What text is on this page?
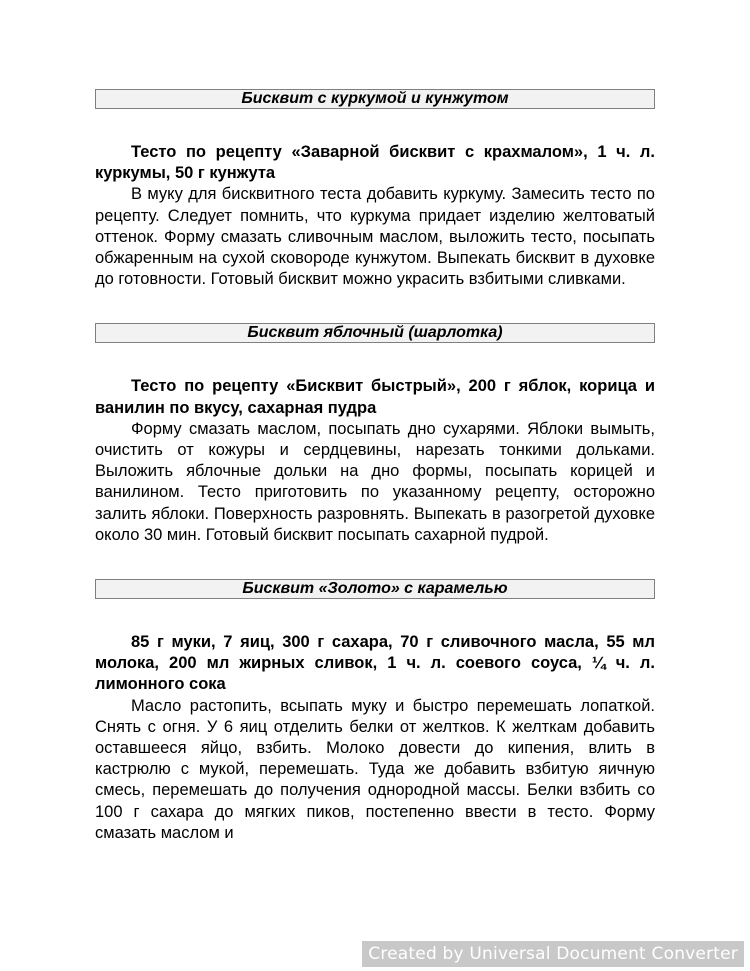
Бисквит с куркумой и кунжутом
Тесто по рецепту «Заварной бисквит с крахмалом», 1 ч. л. куркумы, 50 г кунжута
В муку для бисквитного теста добавить куркуму. Замесить тесто по рецепту. Следует помнить, что куркума придает изделию желтоватый оттенок. Форму смазать сливочным маслом, выложить тесто, посыпать обжаренным на сухой сковороде кунжутом. Выпекать бисквит в духовке до готовности. Готовый бисквит можно украсить взбитыми сливками.
Бисквит яблочный (шарлотка)
Тесто по рецепту «Бисквит быстрый», 200 г яблок, корица и ванилин по вкусу, сахарная пудра
Форму смазать маслом, посыпать дно сухарями. Яблоки вымыть, очистить от кожуры и сердцевины, нарезать тонкими дольками. Выложить яблочные дольки на дно формы, посыпать корицей и ванилином. Тесто приготовить по указанному рецепту, осторожно залить яблоки. Поверхность разровнять. Выпекать в разогретой духовке около 30 мин. Готовый бисквит посыпать сахарной пудрой.
Бисквит «Золото» с карамелью
85 г муки, 7 яиц, 300 г сахара, 70 г сливочного масла, 55 мл молока, 200 мл жирных сливок, 1 ч. л. соевого соуса, ¼ ч. л. лимонного сока
Масло растопить, всыпать муку и быстро перемешать лопаткой. Снять с огня. У 6 яиц отделить белки от желтков. К желткам добавить оставшееся яйцо, взбить. Молоко довести до кипения, влить в кастрюлю с мукой, перемешать. Туда же добавить взбитую яичную смесь, перемешать до получения однородной массы. Белки взбить со 100 г сахара до мягких пиков, постепенно ввести в тесто. Форму смазать маслом и
Created by Universal Document Converter
